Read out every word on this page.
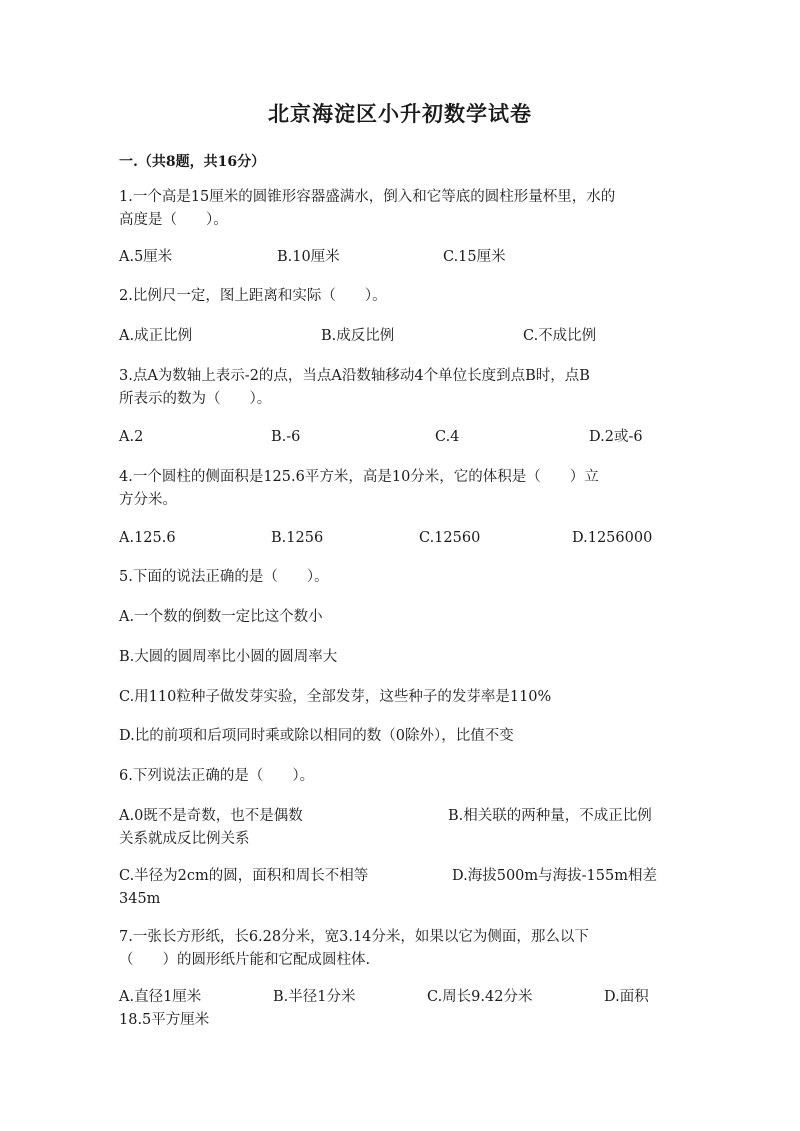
北京海淀区小升初数学试卷
一.（共8题，共16分）
1.一个高是15厘米的圆锥形容器盛满水，倒入和它等底的圆柱形量杯里，水的
高度是（　　）。
A.5厘米	B.10厘米	C.15厘米
2.比例尺一定，图上距离和实际（　　）。
A.成正比例	B.成反比例	C.不成比例
3.点A为数轴上表示-2的点，当点A沿数轴移动4个单位长度到点B时，点B
所表示的数为（　　）。
A.2	B.-6	C.4	D.2或-6
4.一个圆柱的侧面积是125.6平方米，高是10分米，它的体积是（　　）立
方分米。
A.125.6	B.1256	C.12560	D.1256000
5.下面的说法正确的是（　　）。
A.一个数的倒数一定比这个数小
B.大圆的圆周率比小圆的圆周率大
C.用110粒种子做发芽实验，全部发芽，这些种子的发芽率是110%
D.比的前项和后项同时乘或除以相同的数（0除外），比值不变
6.下列说法正确的是（　　）。
A.0既不是奇数，也不是偶数	B.相关联的两种量，不成正比例
关系就成反比例关系
C.半径为2cm的圆，面积和周长不相等	D.海拔500m与海拔-155m相差
345m
7.一张长方形纸，长6.28分米，宽3.14分米，如果以它为侧面，那么以下
（　　）的圆形纸片能和它配成圆柱体.
A.直径1厘米	B.半径1分米	C.周长9.42分米	D.面积
18.5平方厘米
